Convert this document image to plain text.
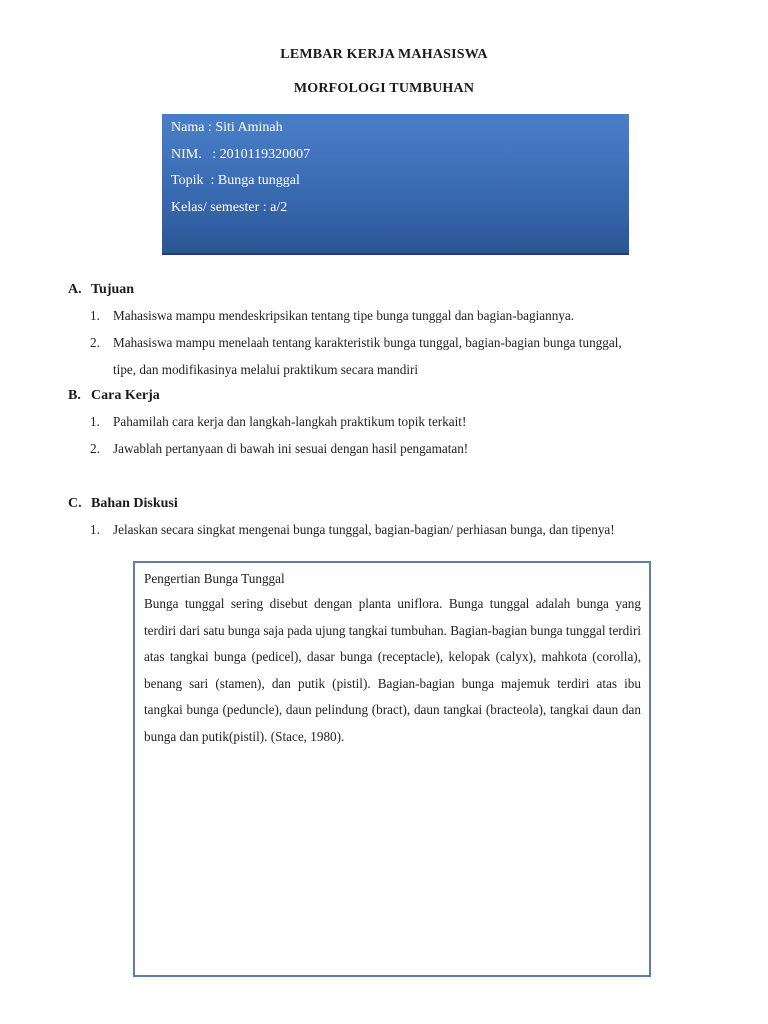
LEMBAR KERJA MAHASISWA
MORFOLOGI TUMBUHAN
Nama : Siti Aminah
NIM.   : 2010119320007
Topik  : Bunga tunggal
Kelas/ semester : a/2
A. Tujuan
1. Mahasiswa mampu mendeskripsikan tentang tipe bunga tunggal dan bagian-bagiannya.
2. Mahasiswa mampu menelaah tentang karakteristik bunga tunggal, bagian-bagian bunga tunggal,
tipe, dan modifikasinya melalui praktikum secara mandiri
B. Cara Kerja
1. Pahamilah cara kerja dan langkah-langkah praktikum topik terkait!
2. Jawablah pertanyaan di bawah ini sesuai dengan hasil pengamatan!
C. Bahan Diskusi
1. Jelaskan secara singkat mengenai bunga tunggal, bagian-bagian/ perhiasan bunga, dan tipenya!
Pengertian Bunga Tunggal

Bunga tunggal sering disebut dengan planta uniflora. Bunga tunggal adalah bunga yang terdiri dari satu bunga saja pada ujung tangkai tumbuhan. Bagian-bagian bunga tunggal terdiri atas tangkai bunga (pedicel), dasar bunga (receptacle), kelopak (calyx), mahkota (corolla), benang sari (stamen), dan putik (pistil). Bagian-bagian bunga majemuk terdiri atas ibu tangkai bunga (peduncle), daun pelindung (bract), daun tangkai (bracteola), tangkai daun dan bunga dan putik(pistil). (Stace, 1980).
